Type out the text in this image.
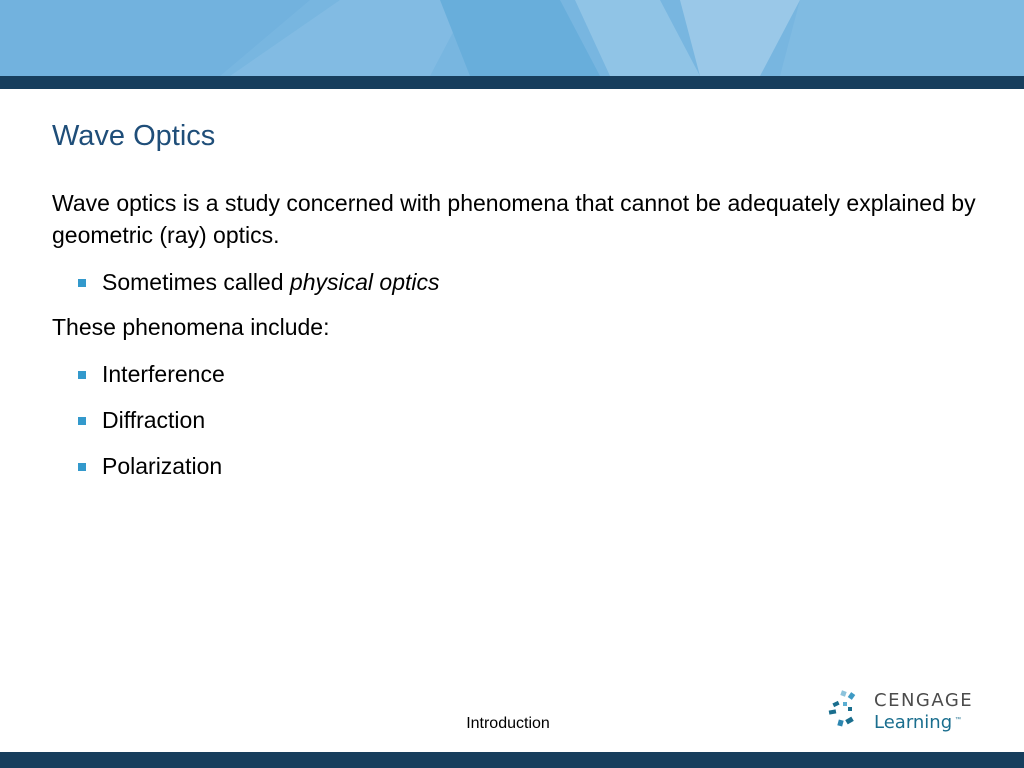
Wave Optics

Wave optics is a study concerned with phenomena that cannot be adequately explained by geometric (ray) optics.

Sometimes called physical optics

These phenomena include:

Interference
Diffraction
Polarization
Introduction
CENGAGE
Learning ™
